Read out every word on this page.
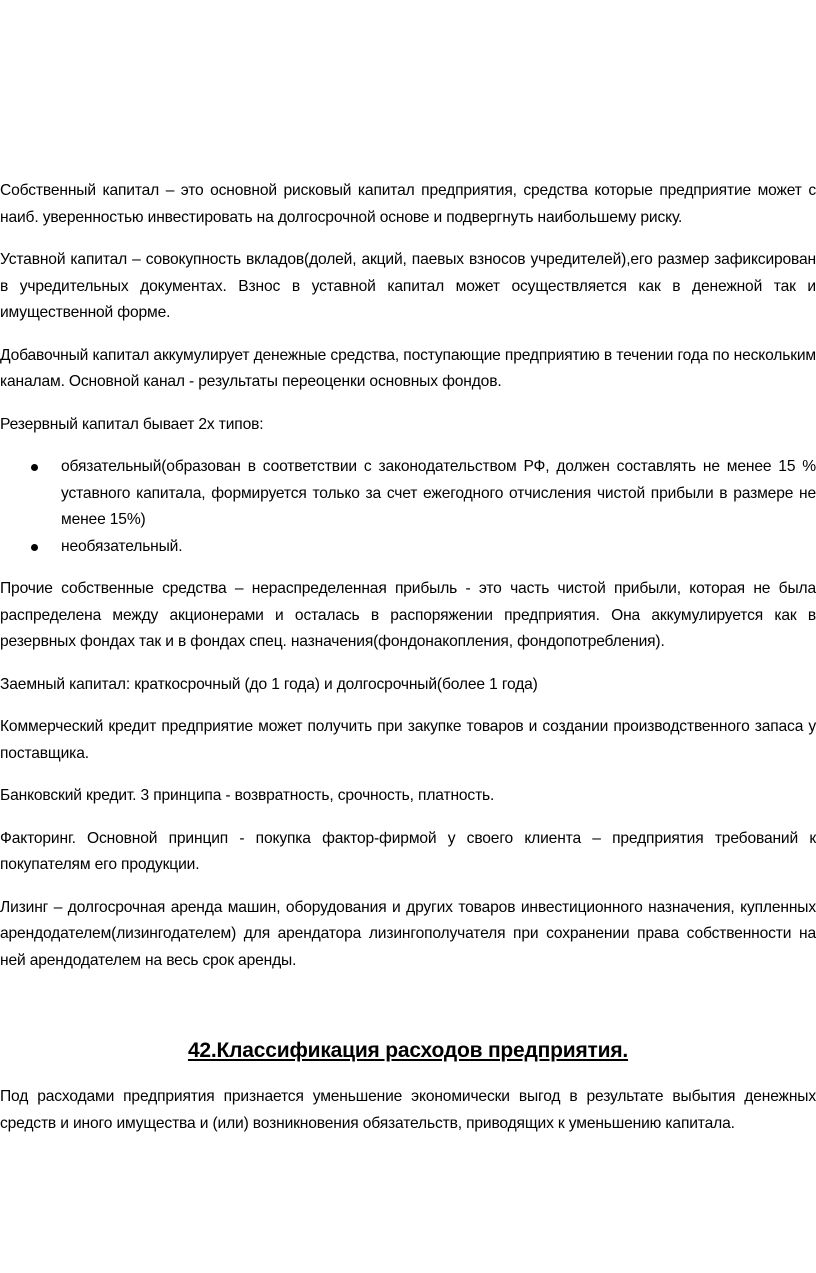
Собственный капитал – это основной рисковый капитал предприятия, средства которые предприятие может с наиб. уверенностью инвестировать на долгосрочной основе и подвергнуть наибольшему риску.

Уставной капитал – совокупность вкладов(долей, акций, паевых взносов учредителей),его размер зафиксирован в учредительных документах. Взнос в уставной капитал может осуществляется как в денежной так и имущественной форме.

Добавочный капитал аккумулирует денежные средства, поступающие предприятию в течении года по нескольким каналам. Основной канал - результаты переоценки основных фондов.

Резервный капитал бывает 2х типов:

обязательный(образован в соответствии с законодательством РФ, должен составлять не менее 15 % уставного капитала, формируется только за счет ежегодного отчисления чистой прибыли в размере не менее 15%)
необязательный.

Прочие собственные средства – нераспределенная прибыль - это часть чистой прибыли, которая не была распределена между акционерами и осталась в распоряжении предприятия. Она аккумулируется как в резервных фондах так и в фондах спец. назначения(фондонакопления, фондопотребления).

Заемный капитал: краткосрочный (до 1 года) и долгосрочный(более 1 года)

Коммерческий кредит предприятие может получить при закупке товаров и создании производственного запаса у поставщика.

Банковский кредит. 3 принципа - возвратность, срочность, платность.

Факторинг. Основной принцип - покупка фактор-фирмой у своего клиента – предприятия требований к покупателям его продукции.

Лизинг – долгосрочная аренда машин, оборудования и других товаров инвестиционного назначения, купленных арендодателем(лизингодателем) для арендатора лизингополучателя при сохранении права собственности на ней арендодателем на весь срок аренды.

42.Классификация расходов предприятия.

Под расходами предприятия признается уменьшение экономически выгод в результате выбытия денежных средств и иного имущества и (или) возникновения обязательств, приводящих к уменьшению капитала.
